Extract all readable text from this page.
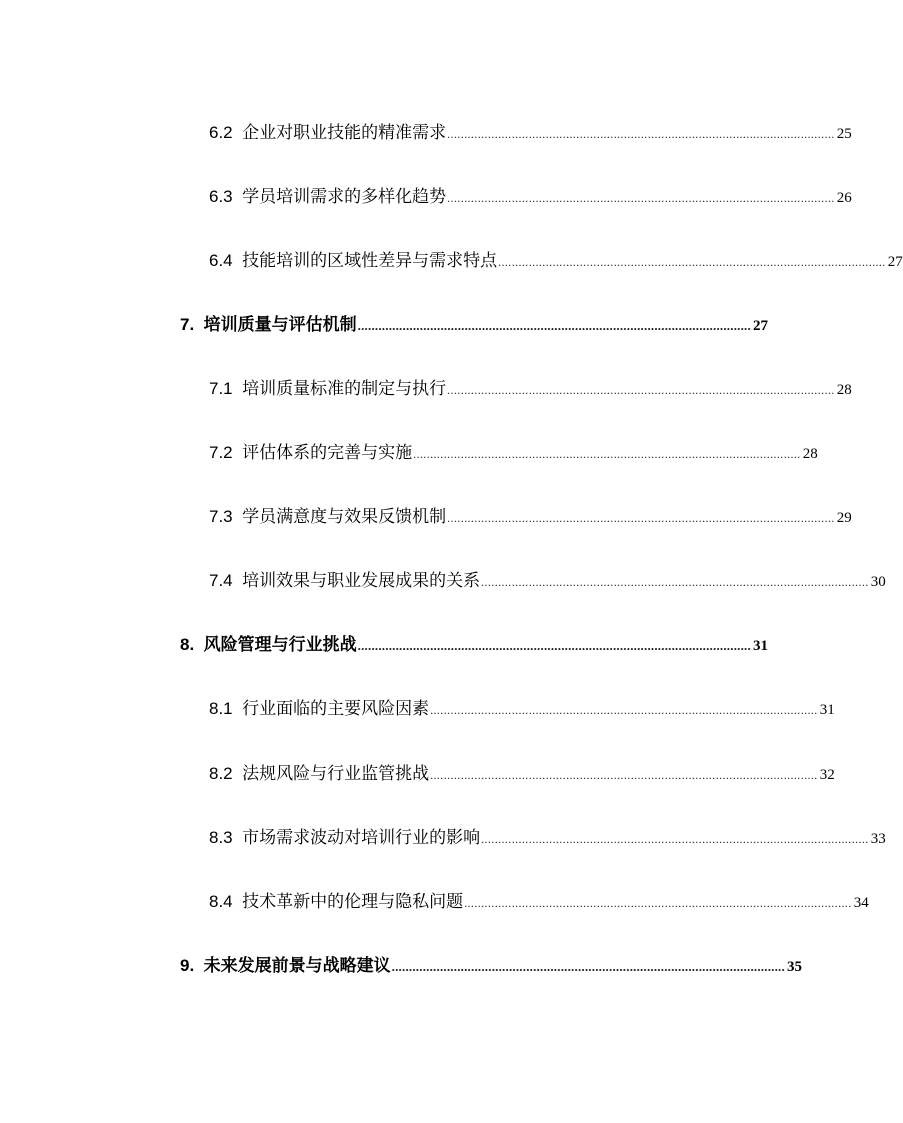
6.2
企业对职业技能的精准需求 .................................................................................................................. 25
6.3
学员培训需求的多样化趋势 .................................................................................................................. 26
6.4
技能培训的区域性差异与需求特点 .................................................................................................................. 27
7.
培训质量与评估机制 .................................................................................................................. 27
7.1
培训质量标准的制定与执行 .................................................................................................................. 28
7.2
评估体系的完善与实施 .................................................................................................................. 28
7.3
学员满意度与效果反馈机制 .................................................................................................................. 29
7.4
培训效果与职业发展成果的关系 .................................................................................................................. 30
8.
风险管理与行业挑战 .................................................................................................................. 31
8.1
行业面临的主要风险因素 .................................................................................................................. 31
8.2
法规风险与行业监管挑战 .................................................................................................................. 32
8.3
市场需求波动对培训行业的影响 .................................................................................................................. 33
8.4
技术革新中的伦理与隐私问题 .................................................................................................................. 34
9.
未来发展前景与战略建议 .................................................................................................................. 35
